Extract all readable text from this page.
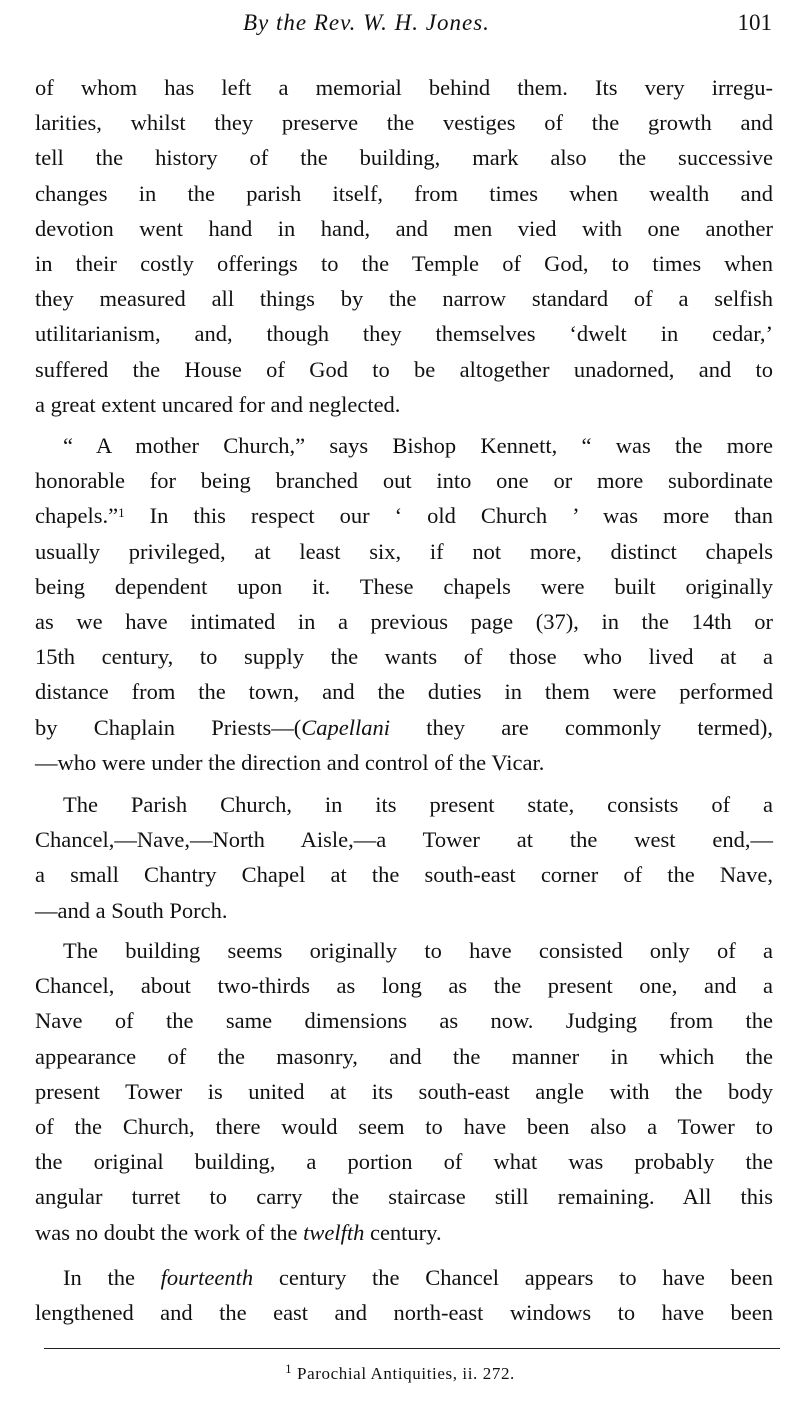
By the Rev. W. H. Jones.	101
of whom has left a memorial behind them. Its very irregu-
larities, whilst they preserve the vestiges of the growth and
tell the history of the building, mark also the successive
changes in the parish itself, from times when wealth and
devotion went hand in hand, and men vied with one another
in their costly offerings to the Temple of God, to times when
they measured all things by the narrow standard of a selfish
utilitarianism, and, though they themselves ‘dwelt in cedar,’
suffered the House of God to be altogether unadorned, and to
a great extent uncared for and neglected.
“ A mother Church,” says Bishop Kennett, “ was the more
honorable for being branched out into one or more subordinate
chapels.”$^1$ In this respect our ‘ old Church ’ was more than
usually privileged, at least six, if not more, distinct chapels
being dependent upon it. These chapels were built originally
as we have intimated in a previous page (37), in the 14th or
15th century, to supply the wants of those who lived at a
distance from the town, and the duties in them were performed
by Chaplain Priests—(Capellani they are commonly termed),
—who were under the direction and control of the Vicar.
The Parish Church, in its present state, consists of a
Chancel,—Nave,—North Aisle,—a Tower at the west end,—
a small Chantry Chapel at the south-east corner of the Nave,
—and a South Porch.
The building seems originally to have consisted only of a
Chancel, about two-thirds as long as the present one, and a
Nave of the same dimensions as now. Judging from the
appearance of the masonry, and the manner in which the
present Tower is united at its south-east angle with the body
of the Church, there would seem to have been also a Tower to
the original building, a portion of what was probably the
angular turret to carry the staircase still remaining. All this
was no doubt the work of the twelfth century.
In the fourteenth century the Chancel appears to have been
lengthened and the east and north-east windows to have been
$^1$ Parochial Antiquities, ii. 272.
